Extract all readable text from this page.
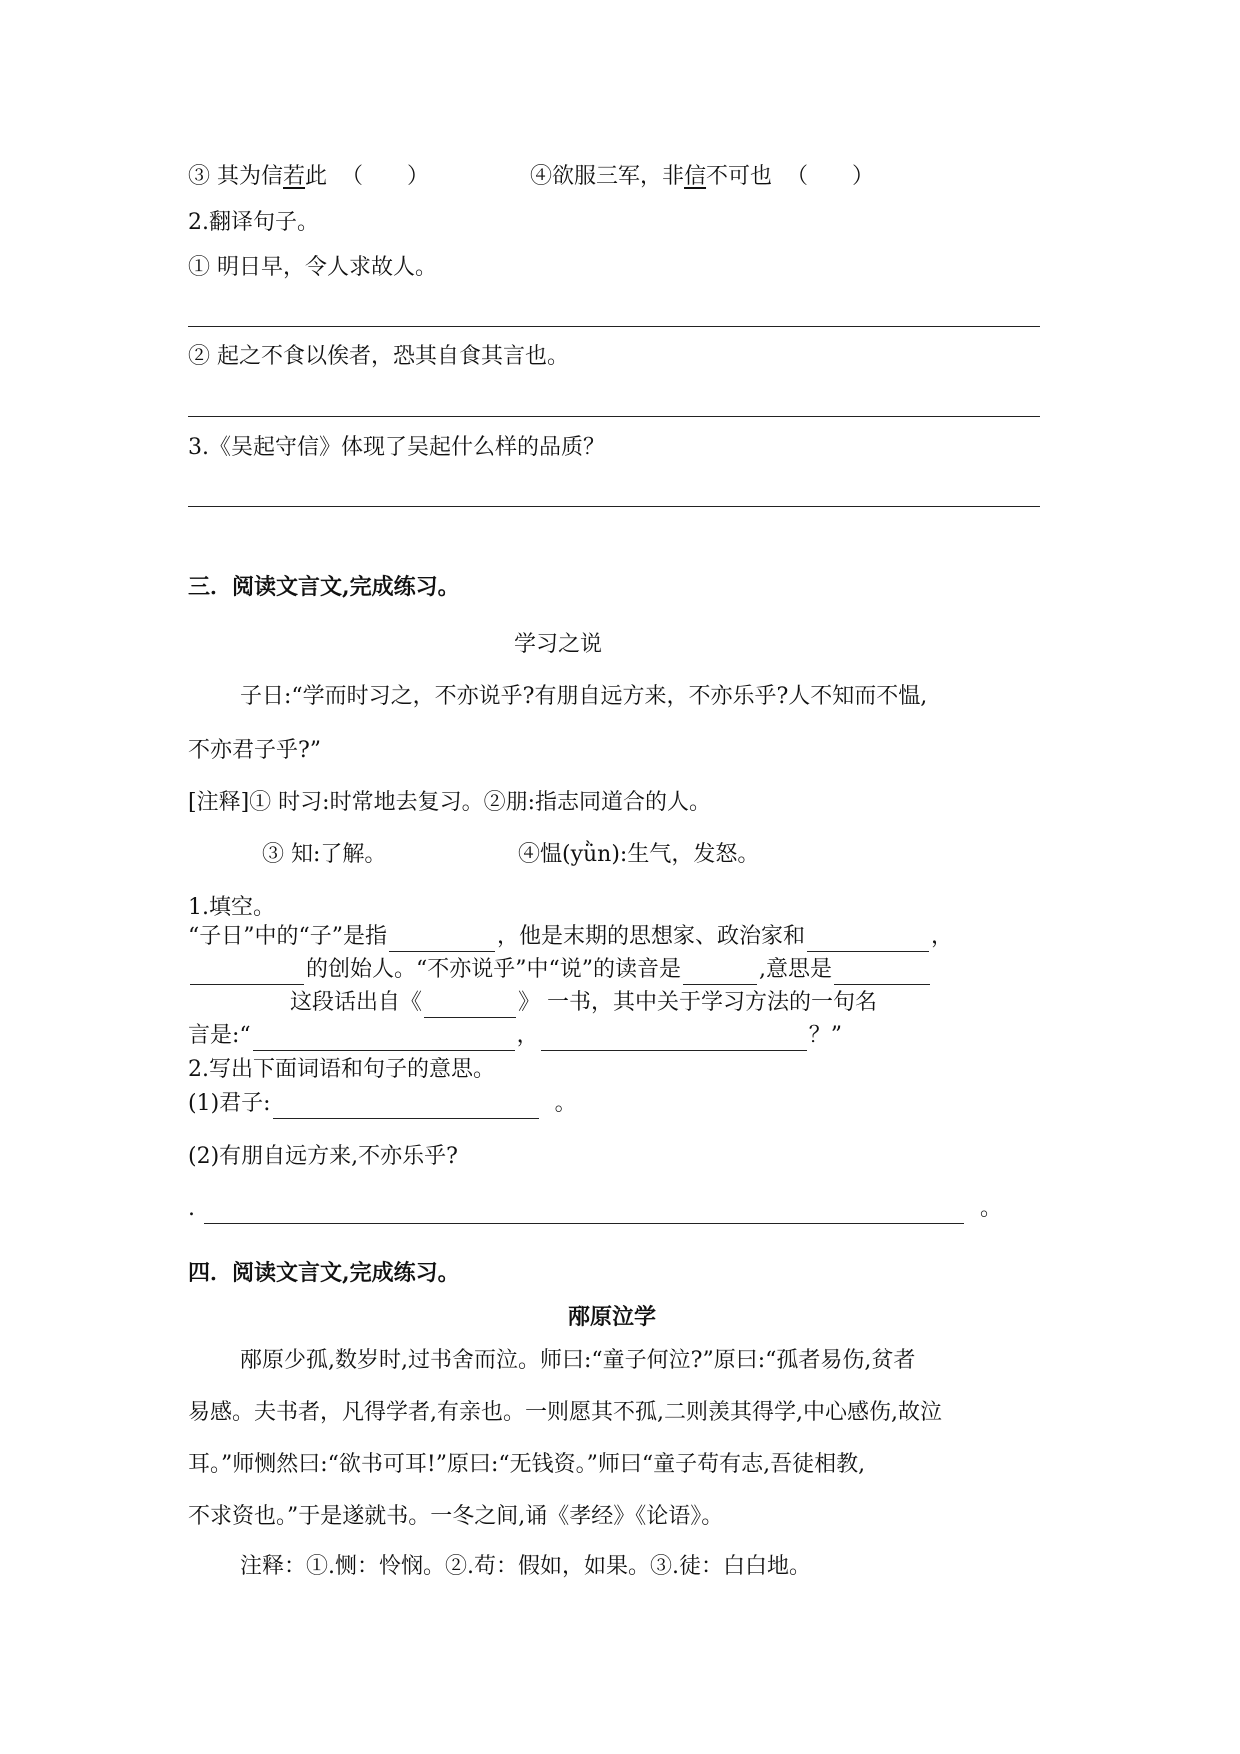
③ 其为信若此 （　　）	④欲服三军，非信不可也 （　　）
2.翻译句子。
① 明日早，令人求故人。
② 起之不食以俟者，恐其自食其言也。
3.《吴起守信》体现了吴起什么样的品质？
三．阅读文言文,完成练习。
学习之说
子日:“学而时习之，不亦说乎?有朋自远方来，不亦乐乎?人不知而不愠,
不亦君子乎?”
[注释]① 时习:时常地去复习。②朋:指志同道合的人。
③ 知:了解。	④愠(yǜn):生气，发怒。
1.填空。
“子日”中的“子”是指	，他是末期的思想家、政治家和	，
的创始人。“不亦说乎”中“说”的读音是	,意思是
这段话出自《	》 一书，其中关于学习方法的一句名
言是:“	，	？”
2.写出下面词语和句子的意思。
(1)君子:	。
(2)有朋自远方来,不亦乐乎?
.	。
四．阅读文言文,完成练习。
邴原泣学
邴原少孤,数岁时,过书舍而泣。师曰:“童子何泣?”原曰:“孤者易伤,贫者
易感。夫书者，凡得学者,有亲也。一则愿其不孤,二则羡其得学,中心感伤,故泣
耳。”师恻然曰:“欲书可耳!”原曰:“无钱资。”师曰“童子苟有志,吾徒相教,
不求资也。”于是遂就书。一冬之间,诵《孝经》《论语》。
注释：①.恻：怜悯。②.苟：假如，如果。③.徒：白白地。
